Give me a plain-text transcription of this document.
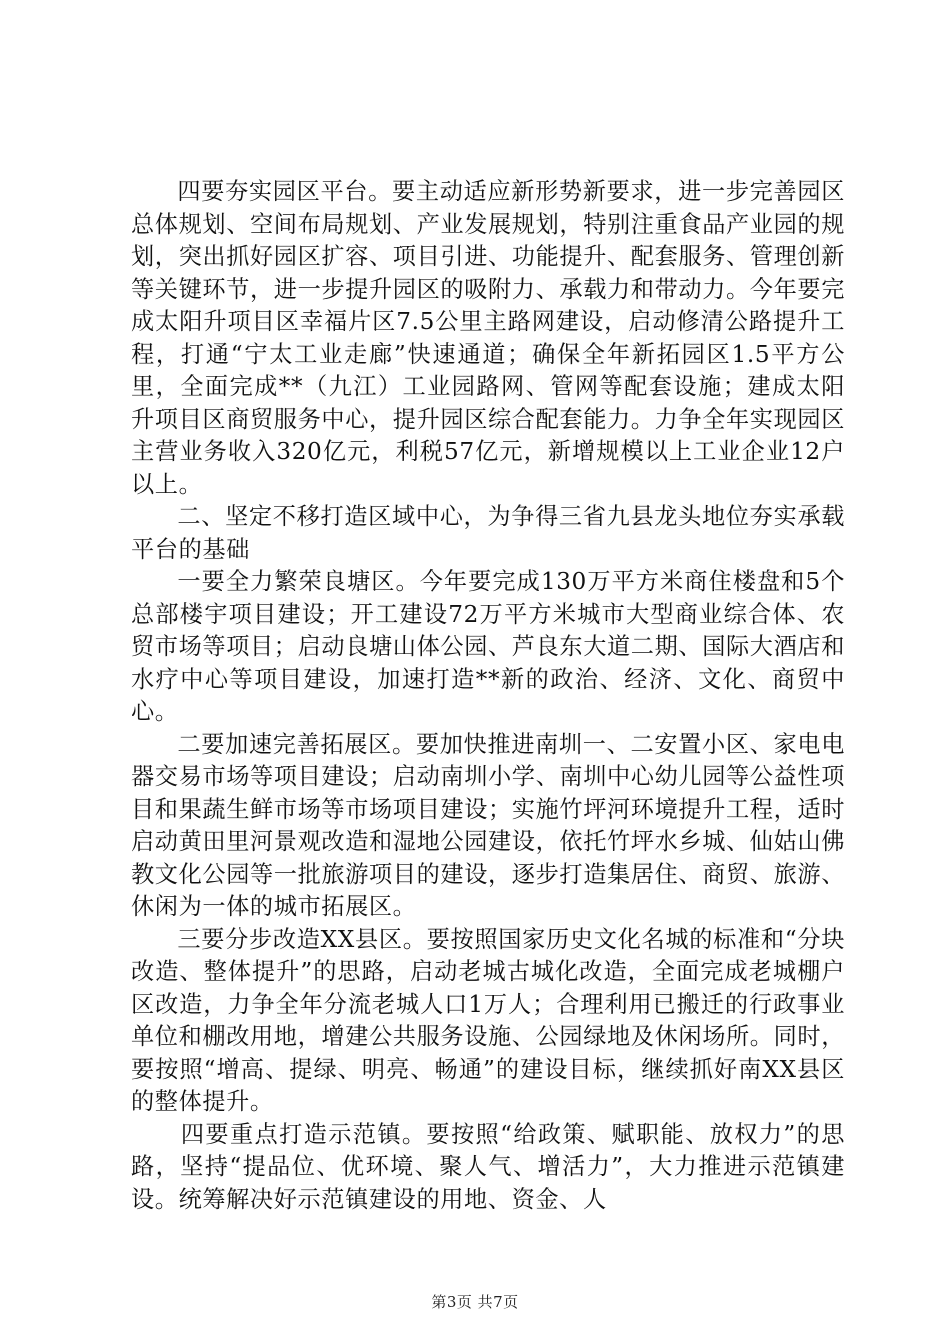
四要夯实园区平台。要主动适应新形势新要求，进一步完善园区总体规划、空间布局规划、产业发展规划，特别注重食品产业园的规划，突出抓好园区扩容、项目引进、功能提升、配套服务、管理创新等关键环节，进一步提升园区的吸附力、承载力和带动力。今年要完成太阳升项目区幸福片区7.5公里主路网建设，启动修清公路提升工程，打通“宁太工业走廊”快速通道；确保全年新拓园区1.5平方公里，全面完成**（九江）工业园路网、管网等配套设施；建成太阳升项目区商贸服务中心，提升园区综合配套能力。力争全年实现园区主营业务收入320亿元，利税57亿元，新增规模以上工业企业12户以上。

二、坚定不移打造区域中心，为争得三省九县龙头地位夯实承载平台的基础

一要全力繁荣良塘区。今年要完成130万平方米商住楼盘和5个总部楼宇项目建设；开工建设72万平方米城市大型商业综合体、农贸市场等项目；启动良塘山体公园、芦良东大道二期、国际大酒店和水疗中心等项目建设，加速打造**新的政治、经济、文化、商贸中心。

二要加速完善拓展区。要加快推进南圳一、二安置小区、家电电器交易市场等项目建设；启动南圳小学、南圳中心幼儿园等公益性项目和果蔬生鲜市场等市场项目建设；实施竹坪河环境提升工程，适时启动黄田里河景观改造和湿地公园建设，依托竹坪水乡城、仙姑山佛教文化公园等一批旅游项目的建设，逐步打造集居住、商贸、旅游、休闲为一体的城市拓展区。

三要分步改造XX县区。要按照国家历史文化名城的标准和“分块改造、整体提升”的思路，启动老城古城化改造，全面完成老城棚户区改造，力争全年分流老城人口1万人；合理利用已搬迁的行政事业单位和棚改用地，增建公共服务设施、公园绿地及休闲场所。同时，要按照“增高、提绿、明亮、畅通”的建设目标，继续抓好南XX县区的整体提升。

四要重点打造示范镇。要按照“给政策、赋职能、放权力”的思路，坚持“提品位、优环境、聚人气、增活力”，大力推进示范镇建设。统筹解决好示范镇建设的用地、资金、人

第3页 共7页
